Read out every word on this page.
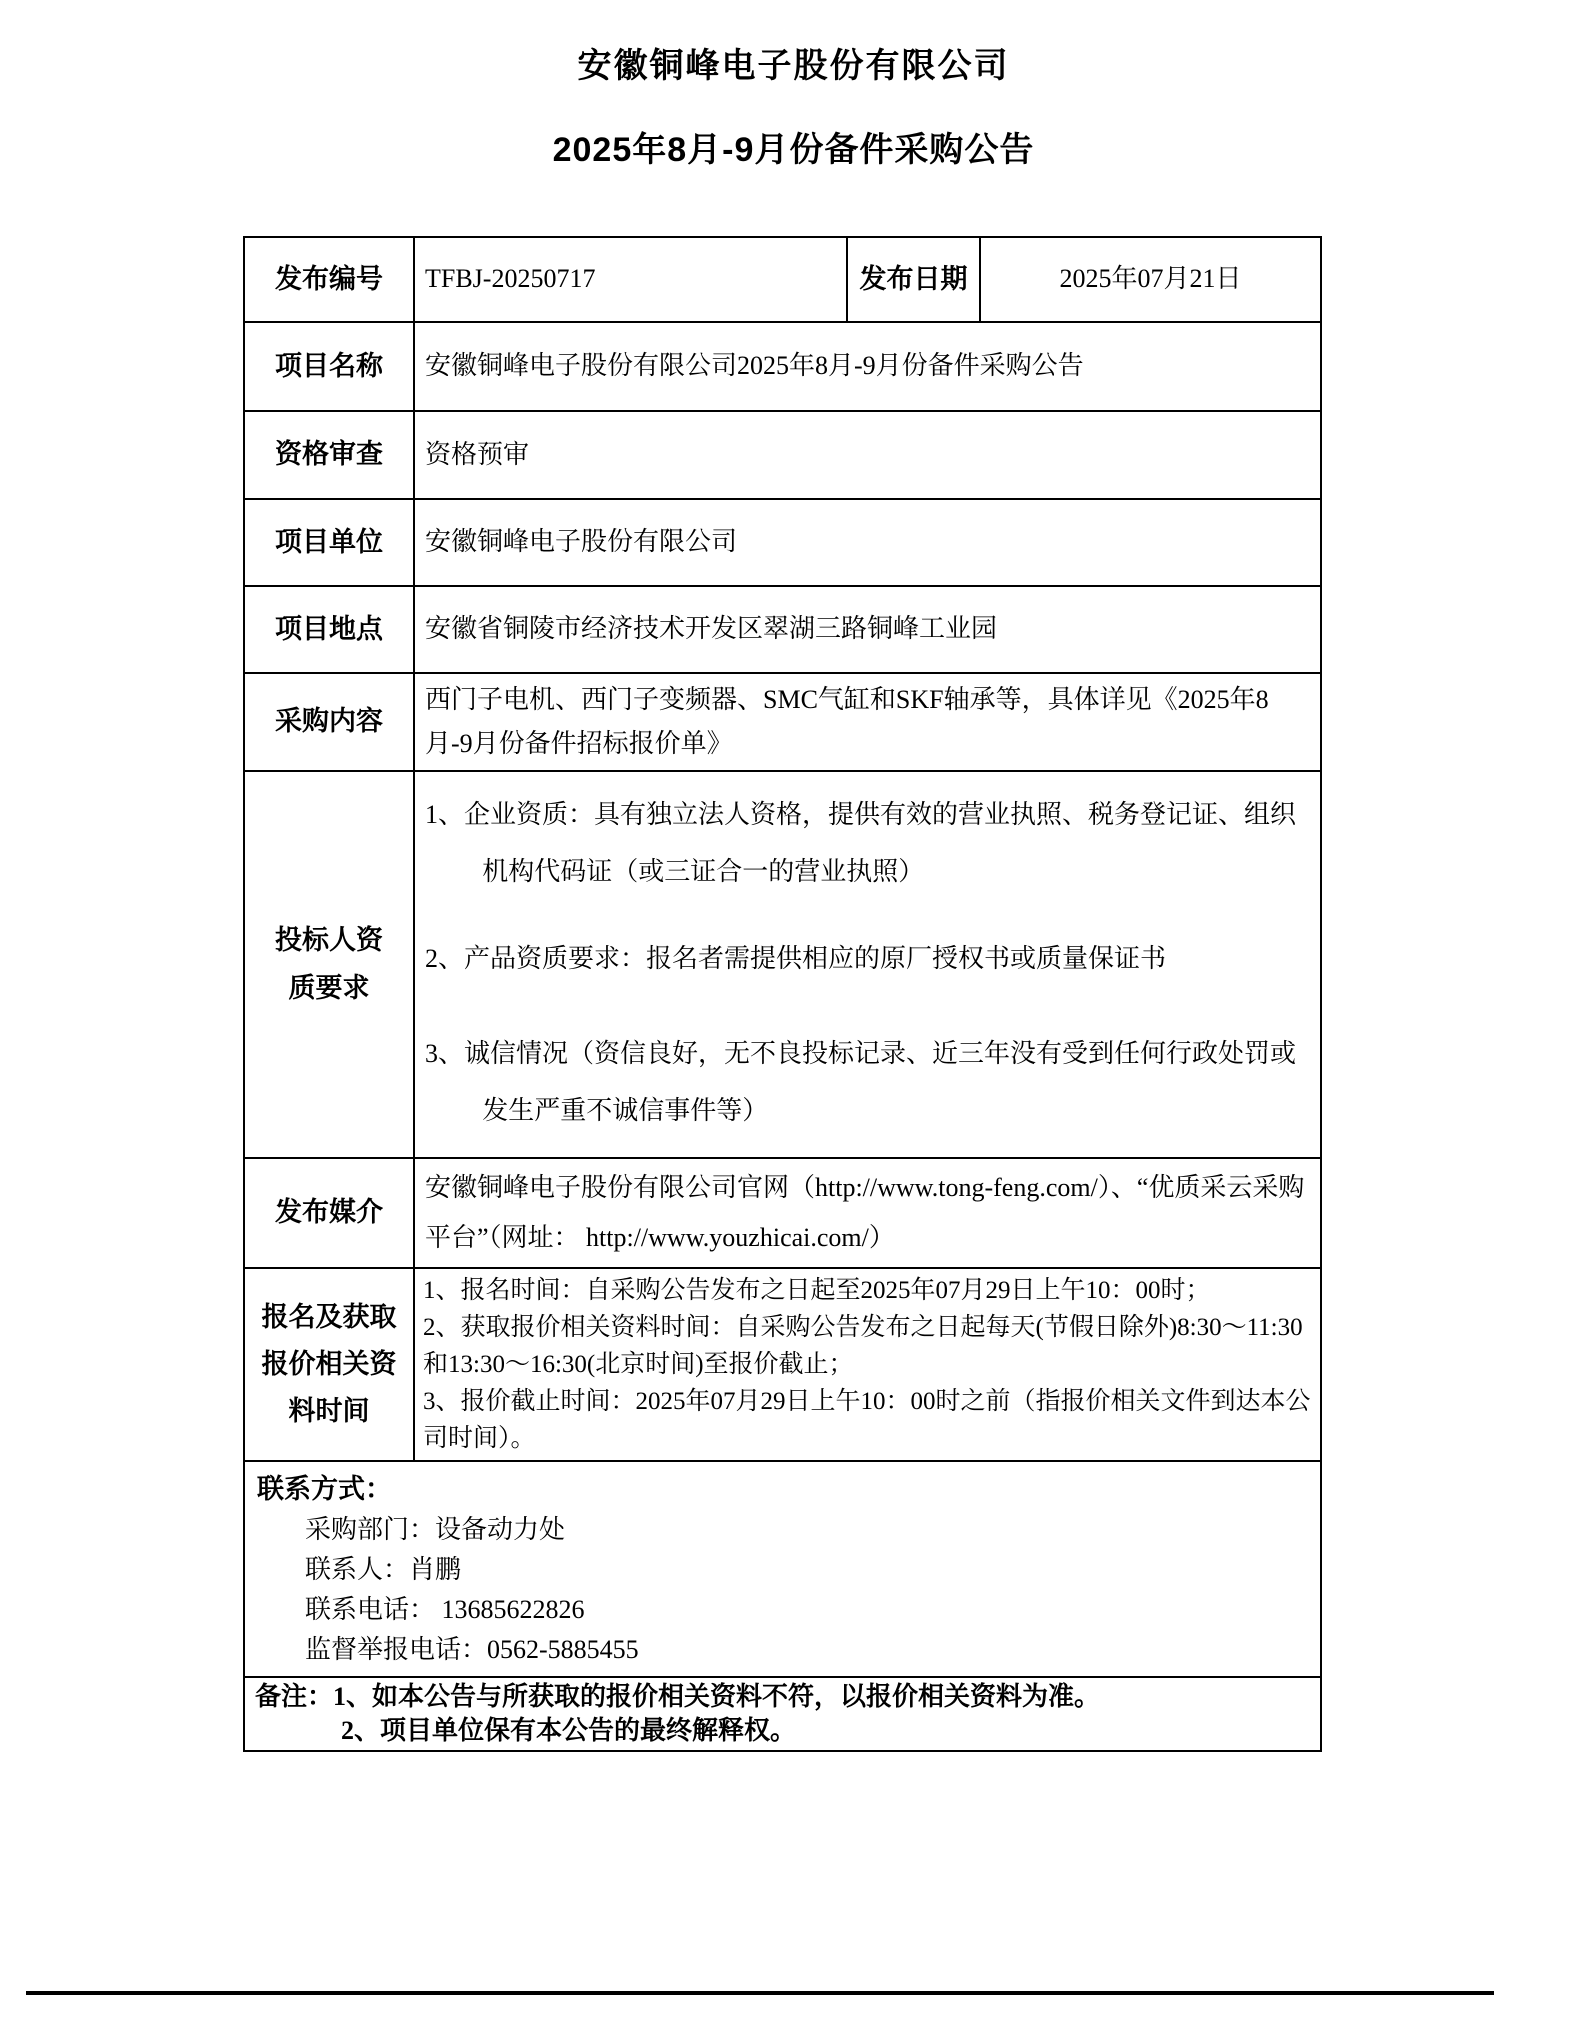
安徽铜峰电子股份有限公司
2025年8月-9月份备件采购公告
发布编号	TFBJ-20250717	发布日期	2025年07月21日
项目名称	安徽铜峰电子股份有限公司2025年8月-9月份备件采购公告		
资格审查	资格预审		
项目单位	安徽铜峰电子股份有限公司		
项目地点	安徽省铜陵市经济技术开发区翠湖三路铜峰工业园		
采购内容	西门子电机、西门子变频器、SMC气缸和SKF轴承等，具体详见《2025年8月-9月份备件招标报价单》		
投标人资质要求	1、企业资质：具有独立法人资格，提供有效的营业执照、税务登记证、组织机构代码证（或三证合一的营业执照）

2、产品资质要求：报名者需提供相应的原厂授权书或质量保证书

3、诚信情况（资信良好，无不良投标记录、近三年没有受到任何行政处罚或发生严重不诚信事件等）		

发布媒介	安徽铜峰电子股份有限公司官网（http://www.tong-feng.com/）、“优质采云采购平台”（网址： http://www.youzhicai.com/）		
报名及获取报价相关资料时间	1、报名时间：自采购公告发布之日起至2025年07月29日上午10：00时；
2、获取报价相关资料时间：自采购公告发布之日起每天(节假日除外)8:30～11:30和13:30～16:30(北京时间)至报价截止；
3、报价截止时间：2025年07月29日上午10：00时之前（指报价相关文件到达本公司时间）。		

联系方式：
采购部门：设备动力处
联系人：肖鹏
联系电话： 13685622826
监督举报电话：0562-5885455			

备注：1、如本公告与所获取的报价相关资料不符，以报价相关资料为准。
2、项目单位保有本公告的最终解释权。			
